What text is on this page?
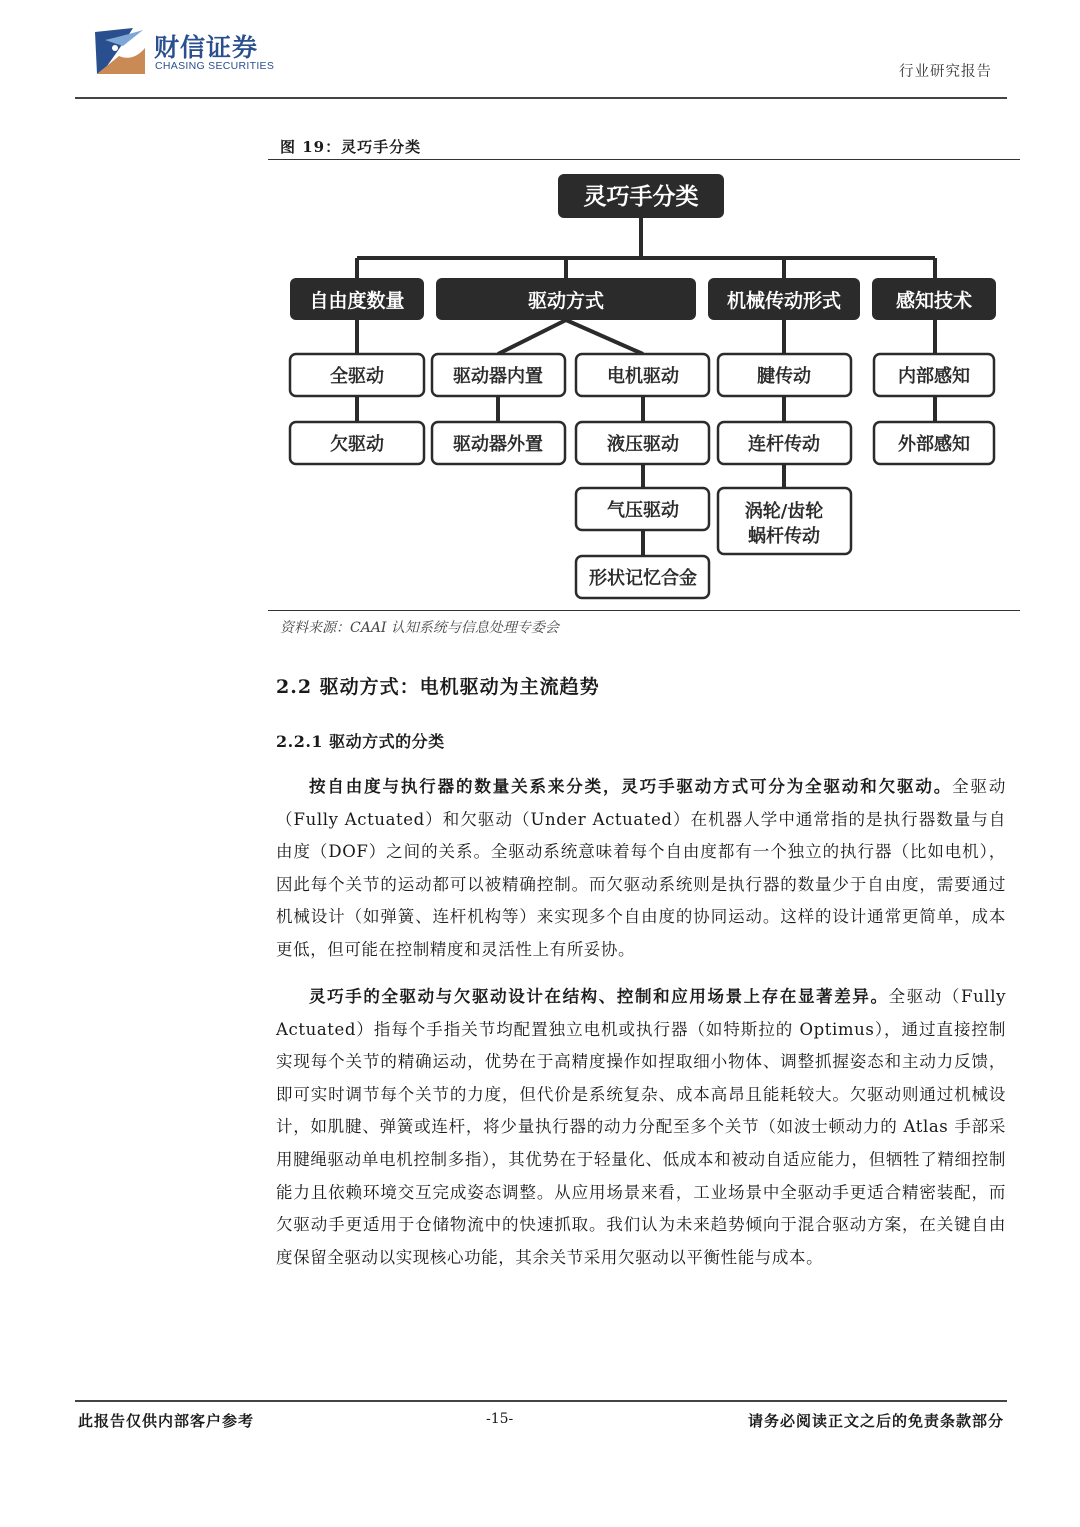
财信证券
CHASING SECURITIES	行业研究报告
图 19：灵巧手分类
灵巧手分类
自由度数量	驱动方式	机械传动形式	感知技术
全驱动
欠驱动
驱动器内置
驱动器外置
电机驱动
液压驱动
气压驱动
形状记忆合金
腱传动
连杆传动
涡轮/齿轮
蜗杆传动
内部感知
外部感知
资料来源：CAAI 认知系统与信息处理专委会
2.2 驱动方式：电机驱动为主流趋势
2.2.1 驱动方式的分类

按自由度与执行器的数量关系来分类，灵巧手驱动方式可分为全驱动和欠驱动。全驱动（Fully Actuated）和欠驱动（Under Actuated）在机器人学中通常指的是执行器数量与自由度（DOF）之间的关系。全驱动系统意味着每个自由度都有一个独立的执行器（比如电机），因此每个关节的运动都可以被精确控制。而欠驱动系统则是执行器的数量少于自由度，需要通过机械设计（如弹簧、连杆机构等）来实现多个自由度的协同运动。这样的设计通常更简单，成本更低，但可能在控制精度和灵活性上有所妥协。

灵巧手的全驱动与欠驱动设计在结构、控制和应用场景上存在显著差异。全驱动（Fully Actuated）指每个手指关节均配置独立电机或执行器（如特斯拉的 Optimus），通过直接控制实现每个关节的精确运动，优势在于高精度操作如捏取细小物体、调整抓握姿态和主动力反馈，即可实时调节每个关节的力度，但代价是系统复杂、成本高昂且能耗较大。欠驱动则通过机械设计，如肌腱、弹簧或连杆，将少量执行器的动力分配至多个关节（如波士顿动力的 Atlas 手部采用腱绳驱动单电机控制多指），其优势在于轻量化、低成本和被动自适应能力，但牺牲了精细控制能力且依赖环境交互完成姿态调整。从应用场景来看，工业场景中全驱动手更适合精密装配，而欠驱动手更适用于仓储物流中的快速抓取。我们认为未来趋势倾向于混合驱动方案，在关键自由度保留全驱动以实现核心功能，其余关节采用欠驱动以平衡性能与成本。

此报告仅供内部客户参考	-15-	请务必阅读正文之后的免责条款部分
